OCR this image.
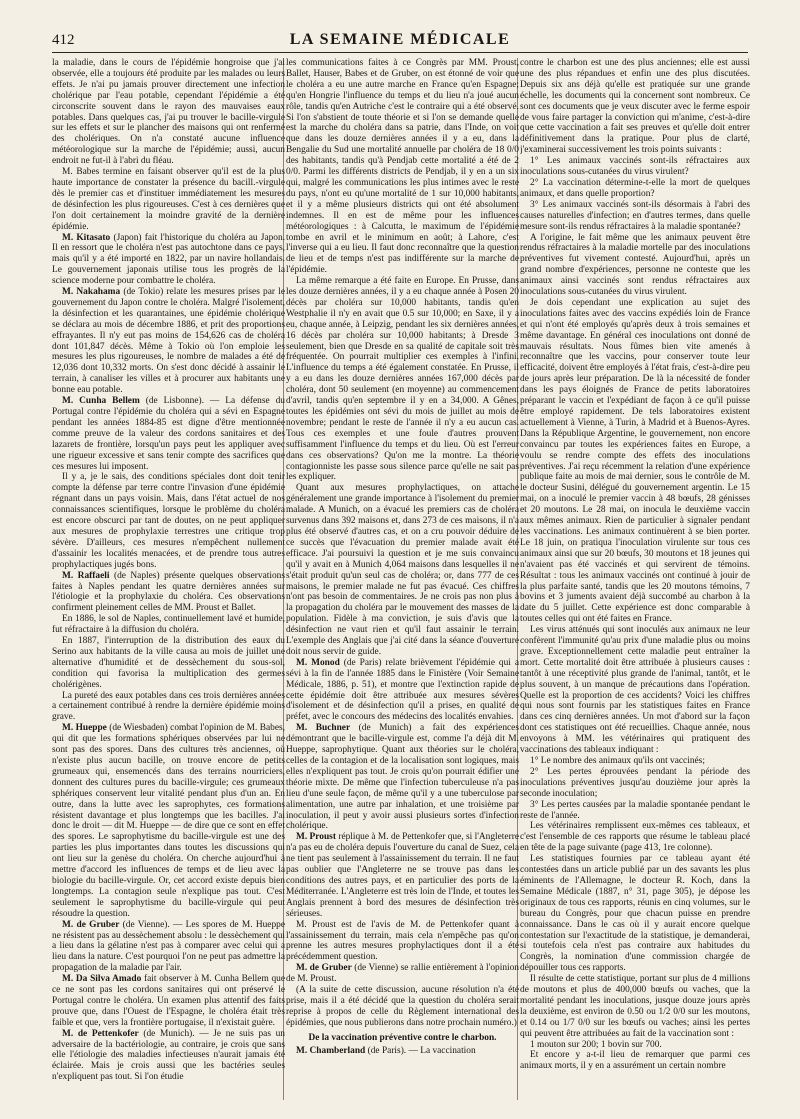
412	LA SEMAINE MÉDICALE

la maladie, dans le cours de l'épidémie hongroise que j'ai observée, elle a toujours été produite par les malades ou leurs effets. Je n'ai pu jamais prouver directement une infection cholérique par l'eau potable, cependant l'épidémie a été circonscrite souvent dans le rayon des mauvaises eaux potables. Dans quelques cas, j'ai pu trouver le bacille-virgule sur les effets et sur le plancher des maisons qui ont renfermé des cholériques. On n'a constaté aucune influence météorologique sur la marche de l'épidémie; aussi, aucun endroit ne fut-il à l'abri du fléau.

M. Babes termine en faisant observer qu'il est de la plus haute importance de constater la présence du bacill.-virgule dès le premier cas et d'instituer immédiatement les mesures de désinfection les plus rigoureuses. C'est à ces dernières que l'on doit certainement la moindre gravité de la dernière épidémie.

M. Kitasato (Japon) fait l'historique du choléra au Japon. Il en ressort que le choléra n'est pas autochtone dans ce pays, mais qu'il y a été importé en 1822, par un navire hollandais. Le gouvernement japonais utilise tous les progrès de la science moderne pour combattre le choléra.

M. Nakahama (de Tokio) relate les mesures prises par le gouvernement du Japon contre le choléra. Malgré l'isolement, la désinfection et les quarantaines, une épidémie cholérique se déclara au mois de décembre 1886, et prit des proportions effrayantes. Il n'y eut pas moins de 154,626 cas de choléra dont 101,847 décès. Même à Tokio où l'on emploie les mesures les plus rigoureuses, le nombre de malades a été de 12,036 dont 10,332 morts. On s'est donc décidé à assainir le terrain, à canaliser les villes et à procurer aux habitants une bonne eau potable.

M. Cunha Bellem (de Lisbonne). — La défense du Portugal contre l'épidémie du choléra qui a sévi en Espagne pendant les années 1884-85 est digne d'être mentionnée comme preuve de la valeur des cordons sanitaires et des lazarets de frontière, lorsqu'un pays peut les appliquer avec une rigueur excessive et sans tenir compte des sacrifices que ces mesures lui imposent.

Il y a, je le sais, des conditions spéciales dont doit tenir compte la défense par terre contre l'invasion d'une épidémie régnant dans un pays voisin. Mais, dans l'état actuel de nos connaissances scientifiques, lorsque le problème du choléra est encore obscurci par tant de doutes, on ne peut appliquer aux mesures de prophylaxie terrestres une critique trop sévère. D'ailleurs, ces mesures n'empêchent nullement d'assainir les localités menacées, et de prendre tous autres prophylactiques jugés bons.

M. Raffaeli (de Naples) présente quelques observations faites à Naples pendant les quatre dernières années sur l'étiologie et la prophylaxie du choléra. Ces observations confirment pleinement celles de MM. Proust et Ballet.

En 1886, le sol de Naples, continuellement lavé et humide, fut réfractaire à la diffusion du choléra.

En 1887, l'interruption de la distribution des eaux du Serino aux habitants de la ville causa au mois de juillet une alternative d'humidité et de dessèchement du sous-sol, condition qui favorisa la multiplication des germes cholérigènes.

La pureté des eaux potables dans ces trois dernières années a certainement contribué à rendre la dernière épidémie moins grave.

M. Hueppe (de Wiesbaden) combat l'opinion de M. Babes, qui dit que les formations sphériques observées par lui ne sont pas des spores. Dans des cultures très anciennes, où n'existe plus aucun bacille, on trouve encore de petits grumeaux qui, ensemencés dans des terrains nourriciers, donnent des cultures pures du bacille-virgule; ces grumeaux sphériques conservent leur vitalité pendant plus d'un an. En outre, dans la lutte avec les saprophytes, ces formations résistent davantage et plus longtemps que les bacilles. J'ai donc le droit — dit M. Hueppe — de dire que ce sont en effet des spores. Le saprophytisme du bacille-virgule est une des parties les plus importantes dans toutes les discussions qui ont lieu sur la genèse du choléra. On cherche aujourd'hui à mettre d'accord les influences de temps et de lieu avec la biologie du bacille-virgule. Or, cet accord existe depuis bien longtemps. La contagion seule n'explique pas tout. C'est seulement le saprophytisme du bacille-virgule qui peut résoudre la question.

M. de Gruber (de Vienne). — Les spores de M. Hueppe ne résistent pas au dessèchement absolu : le dessèchement qui a lieu dans la gélatine n'est pas à comparer avec celui qui a lieu dans la nature. C'est pourquoi l'on ne peut pas admettre la propagation de la maladie par l'air.

M. Da Silva Amado fait observer à M. Cunha Bellem que ce ne sont pas les cordons sanitaires qui ont préservé le Portugal contre le choléra. Un examen plus attentif des faits prouve que, dans l'Ouest de l'Espagne, le choléra était très faible et que, vers la frontière portugaise, il n'existait guère.

M. de Pettenkofer (de Munich). — Je ne suis pas un adversaire de la bactériologie, au contraire, je crois que sans elle l'étiologie des maladies infectieuses n'aurait jamais été éclairée. Mais je crois aussi que les bactéries seules n'expliquent pas tout. Si l'on étudie

les communications faites à ce Congrès par MM. Proust, Ballet, Hauser, Babes et de Gruber, on est étonné de voir que le choléra a eu une autre marche en France qu'en Espagne; qu'en Hongrie l'influence du temps et du lieu n'a joué aucun rôle, tandis qu'en Autriche c'est le contraire qui a été observé. Si l'on s'abstient de toute théorie et si l'on se demande quelle est la marche du choléra dans sa patrie, dans l'Inde, on voit que dans les douze dernières années il y a eu, dans la Bengalie du Sud une mortalité annuelle par choléra de 18 0/0 des habitants, tandis qu'à Pendjab cette mortalité a été de 2 0/0. Parmi les différents districts de Pendjab, il y en a un six qui, malgré les communications les plus intimes avec le reste du pays, n'ont eu qu'une mortalité de 1 sur 10,000 habitants, et il y a même plusieurs districts qui ont été absolument indemnes. Il en est de même pour les influences météorologiques : à Calcutta, le maximum de l'épidémie tombe en avril et le minimum en août; à Lahore, c'est l'inverse qui a eu lieu. Il faut donc reconnaître que la question de lieu et de temps n'est pas indifférente sur la marche de l'épidémie.

La même remarque a été faite en Europe. En Prusse, dans les douze dernières années, il y a eu chaque année à Posen 20 décès par choléra sur 10,000 habitants, tandis qu'en Westphalie il n'y en avait que 0.5 sur 10,000; en Saxe, il y a eu, chaque année, à Leipzig, pendant les six dernières années, 16 décès par choléra sur 10,000 habitants; à Dresde 3 seulement, bien que Dresde en sa qualité de capitale soit très fréquentée. On pourrait multiplier ces exemples à l'infini. L'influence du temps a été également constatée. En Prusse, il y a eu dans les douze dernières années 167,000 décès par choléra, dont 50 seulement (en moyenne) au commencement d'avril, tandis qu'en septembre il y en a 34,000. A Gênes, toutes les épidémies ont sévi du mois de juillet au mois de novembre; pendant le reste de l'année il n'y a eu aucun cas. Tous ces exemples et une foule d'autres prouvent suffisamment l'influence du temps et du lieu. Où est l'erreur dans ces observations? Qu'on me la montre. La théorie contagionniste les passe sous silence parce qu'elle ne sait pas les expliquer.

Quant aux mesures prophylactiques, on attache généralement une grande importance à l'isolement du premier malade. A Munich, on a évacué les premiers cas de choléra survenus dans 392 maisons et, dans 273 de ces maisons, il n'a plus été observé d'autres cas, et on a cru pouvoir déduire de ce succès que l'évacuation du premier malade avait été efficace. J'ai poursuivi la question et je me suis convaincu qu'il y avait en à Munich 4,064 maisons dans lesquelles il ne s'était produit qu'un seul cas de choléra; or, dans 777 de ces maisons, le premier malade ne fut pas évacué. Ces chiffres n'ont pas besoin de commentaires. Je ne crois pas non plus à la propagation du choléra par le mouvement des masses de la population. Fidèle à ma conviction, je suis d'avis que la désinfection ne vaut rien et qu'il faut assainir le terrain. L'exemple des Anglais que j'ai cité dans la séance d'ouverture doit nous servir de guide.

M. Monod (de Paris) relate brièvement l'épidémie qui a sévi à la fin de l'année 1885 dans le Finistère (Voir Semaine Médicale, 1886, p. 51), et montre que l'extinction rapide de cette épidémie doit être attribuée aux mesures sévères d'isolement et de désinfection qu'il a prises, en qualité de préfet, avec le concours des médecins des localités envahies.

M. Buchner (de Munich) a fait des expériences démontrant que le bacille-virgule est, comme l'a déjà dit M. Hueppe, saprophytique. Quant aux théories sur le choléra, celles de la contagion et de la localisation sont logiques, mais elles n'expliquent pas tout. Je crois qu'on pourrait édifier une théorie mixte. De même que l'infection tuberculeuse n'a pas lieu d'une seule façon, de même qu'il y a une tuberculose par alimentation, une autre par inhalation, et une troisième par inoculation, il peut y avoir aussi plusieurs sortes d'infection cholérique.

M. Proust réplique à M. de Pettenkofer que, si l'Angleterre n'a pas eu de choléra depuis l'ouverture du canal de Suez, cela ne tient pas seulement à l'assainissement du terrain. Il ne faut pas oublier que l'Angleterre ne se trouve pas dans les conditions des autres pays, et en particulier des ports de la Méditerranée. L'Angleterre est très loin de l'Inde, et toutes les Anglais prennent à bord des mesures de désinfection très sérieuses.

M. Proust est de l'avis de M. de Pettenkofer quant à l'assainissement du terrain, mais cela n'empêche pas qu'on prenne les autres mesures prophylactiques dont il a été précédemment question.

M. de Gruber (de Vienne) se rallie entièrement à l'opinion de M. Proust.

(A la suite de cette discussion, aucune résolution n'a été prise, mais il a été décidé que la question du choléra serait reprise à propos de celle du Règlement international des épidémies, que nous publierons dans notre prochain numéro.)

De la vaccination préventive contre le charbon.

M. Chamberland (de Paris). — La vaccination

contre le charbon est une des plus anciennes; elle est aussi une des plus répandues et enfin une des plus discutées. Depuis six ans déjà qu'elle est pratiquée sur une grande échelle, les documents qui la concernent sont nombreux. Ce sont ces documents que je veux discuter avec le ferme espoir de vous faire partager la conviction qui m'anime, c'est-à-dire que cette vaccination a fait ses preuves et qu'elle doit entrer définitivement dans la pratique. Pour plus de clarté, j'examinerai successivement les trois points suivants :

1° Les animaux vaccinés sont-ils réfractaires aux inoculations sous-cutanées du virus virulent?

2° La vaccination détermine-t-elle la mort de quelques animaux, et dans quelle proportion?

3° Les animaux vaccinés sont-ils désormais à l'abri des causes naturelles d'infection; en d'autres termes, dans quelle mesure sont-ils rendus réfractaires à la maladie spontanée?

A l'origine, le fait même que les animaux peuvent être rendus réfractaires à la maladie mortelle par des inoculations préventives fut vivement contesté. Aujourd'hui, après un grand nombre d'expériences, personne ne conteste que les animaux ainsi vaccinés sont rendus réfractaires aux inoculations sous-cutanées du virus virulent.

Je dois cependant une explication au sujet des inoculations faites avec des vaccins expédiés loin de France et qui n'ont été employés qu'après deux à trois semaines et même davantage. En général ces inoculations ont donné de mauvais résultats. Nous fûmes bien vite amenés à reconnaître que les vaccins, pour conserver toute leur efficacité, doivent être employés à l'état frais, c'est-à-dire peu de jours après leur préparation. De là la nécessité de fonder dans les pays éloignés de France de petits laboratoires préparant le vaccin et l'expédiant de façon à ce qu'il puisse être employé rapidement. De tels laboratoires existent actuellement à Vienne, à Turin, à Madrid et à Buenos-Ayres. Dans la République Argentine, le gouvernement, non encore convaincu par toutes les expériences faites en Europe, a voulu se rendre compte des effets des inoculations préventives. J'ai reçu récemment la relation d'une expérience publique faite au mois de mai dernier, sous le contrôle de M. le docteur Susini, délégué du gouvernement argentin. Le 15 mai, on a inoculé le premier vaccin à 48 bœufs, 28 génisses et 20 moutons. Le 28 mai, on inocula le deuxième vaccin aux mêmes animaux. Rien de particulier à signaler pendant les vaccinations. Les animaux continuèrent à se bien porter. Le 18 juin, on pratiqua l'inoculation virulente sur tous ces animaux ainsi que sur 20 bœufs, 30 moutons et 18 jeunes qui n'avaient pas été vaccinés et qui servirent de témoins. Résultat : tous les animaux vaccinés ont continué à jouir de la plus parfaite santé, tandis que les 20 moutons témoins, 7 bovins et 3 juments avaient déjà succombé au charbon à la date du 5 juillet. Cette expérience est donc comparable à toutes celles qui ont été faites en France.

Les virus atténués qui sont inoculés aux animaux ne leur confèrent l'immunité qu'au prix d'une maladie plus ou moins grave. Exceptionnellement cette maladie peut entraîner la mort. Cette mortalité doit être attribuée à plusieurs causes : tantôt à une réceptivité plus grande de l'animal, tantôt, et le plus souvent, à un manque de précautions dans l'opération. Quelle est la proportion de ces accidents? Voici les chiffres qui nous sont fournis par les statistiques faites en France dans ces cinq dernières années. Un mot d'abord sur la façon dont ces statistiques ont été recueillies. Chaque année, nous envoyons à MM. les vétérinaires qui pratiquent des vaccinations des tableaux indiquant :

1° Le nombre des animaux qu'ils ont vaccinés;

2° Les pertes éprouvées pendant la période des inoculations préventives jusqu'au douzième jour après la seconde inoculation;

3° Les pertes causées par la maladie spontanée pendant le reste de l'année.

Les vétérinaires remplissent eux-mêmes ces tableaux, et c'est l'ensemble de ces rapports que résume le tableau placé en tête de la page suivante (page 413, 1re colonne).

Les statistiques fournies par ce tableau ayant été contestées dans un article publié par un des savants les plus éminents de l'Allemagne, le docteur R. Koch, dans la Semaine Médicale (1887, n° 31, page 305), je dépose les originaux de tous ces rapports, réunis en cinq volumes, sur le bureau du Congrès, pour que chacun puisse en prendre connaissance. Dans le cas où il y aurait encore quelque contestation sur l'exactitude de la statistique, je demanderai, si toutefois cela n'est pas contraire aux habitudes du Congrès, la nomination d'une commission chargée de dépouiller tous ces rapports.

Il résulte de cette statistique, portant sur plus de 4 millions de moutons et plus de 400,000 bœufs ou vaches, que la mortalité pendant les inoculations, jusque douze jours après la deuxième, est environ de 0.50 ou 1/2 0/0 sur les moutons, et 0.14 ou 1/7 0/0 sur les bœufs ou vaches; ainsi les pertes qui peuvent être attribuées au fait de la vaccination sont :

1 mouton sur 200; 1 bovin sur 700.

Et encore y a-t-il lieu de remarquer que parmi ces animaux morts, il y en a assurément un certain nombre
